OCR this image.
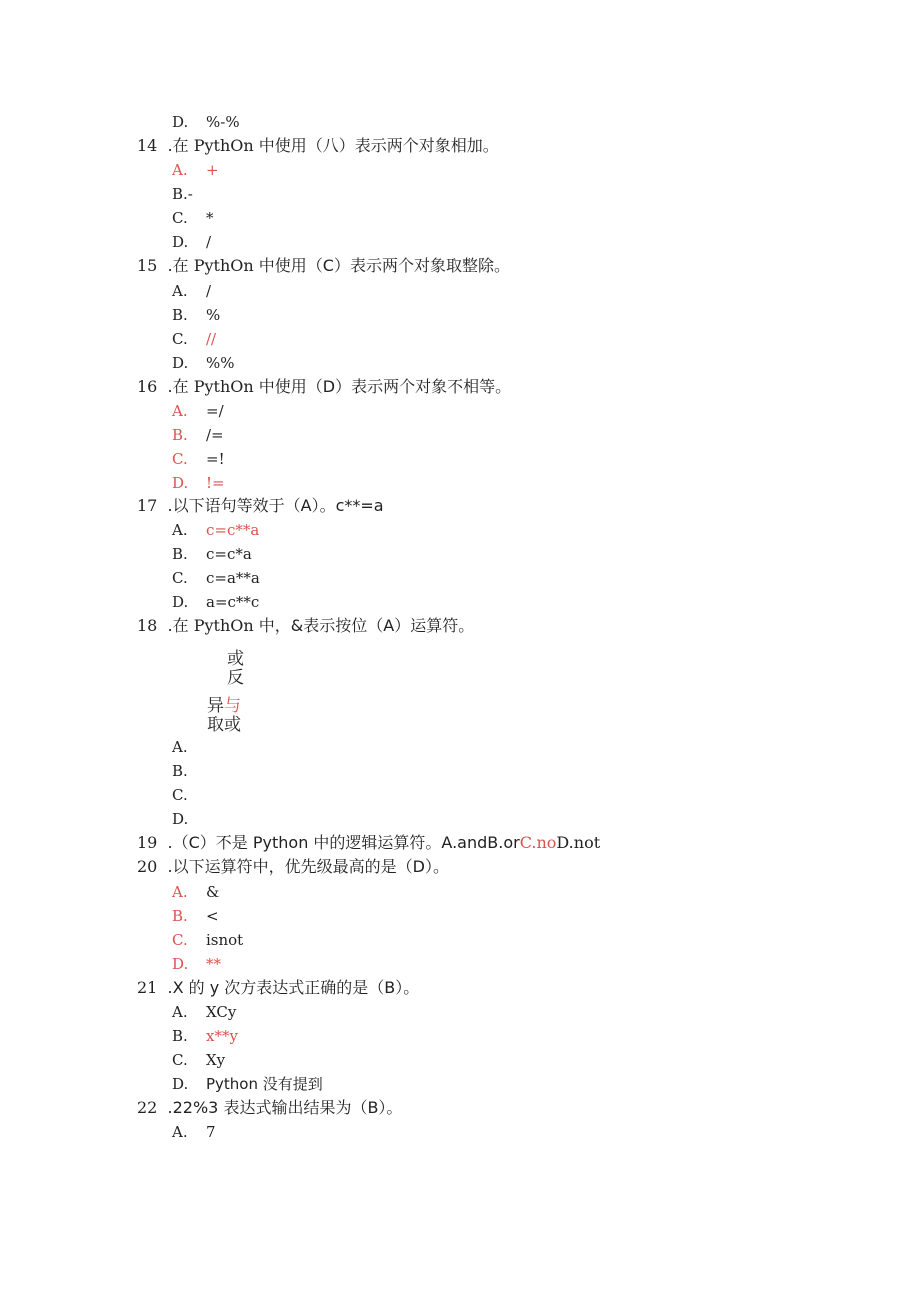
D. %-%
14 .在 PythOn 中使用（八）表示两个对象相加。
A. +
B.-
C. *
D. /
15 .在 PythOn 中使用（C）表示两个对象取整除。
A. /
B. %
C. //
D. %%
16 .在 PythOn 中使用（D）表示两个对象不相等。
A. =/
B. /=
C. =!
D. !=
17 .以下语句等效于（A）。c**=a
A. c=c**a
B. c=c*a
C. c=a**a
D. a=c**c
18 .在 PythOn 中，&表示按位（A）运算符。
或
反
异与
取或
A.
B.
C.
D.
19 .（C）不是 Python 中的逻辑运算符。A.andB.orC.noD.not
20 .以下运算符中，优先级最高的是（D）。
A. &
B. <
C. isnot
D. **
21 .X 的 y 次方表达式正确的是（B）。
A. XCy
B. x**y
C. Xy
D. Python 没有提到
22 .22%3 表达式输出结果为（B）。
A. 7
